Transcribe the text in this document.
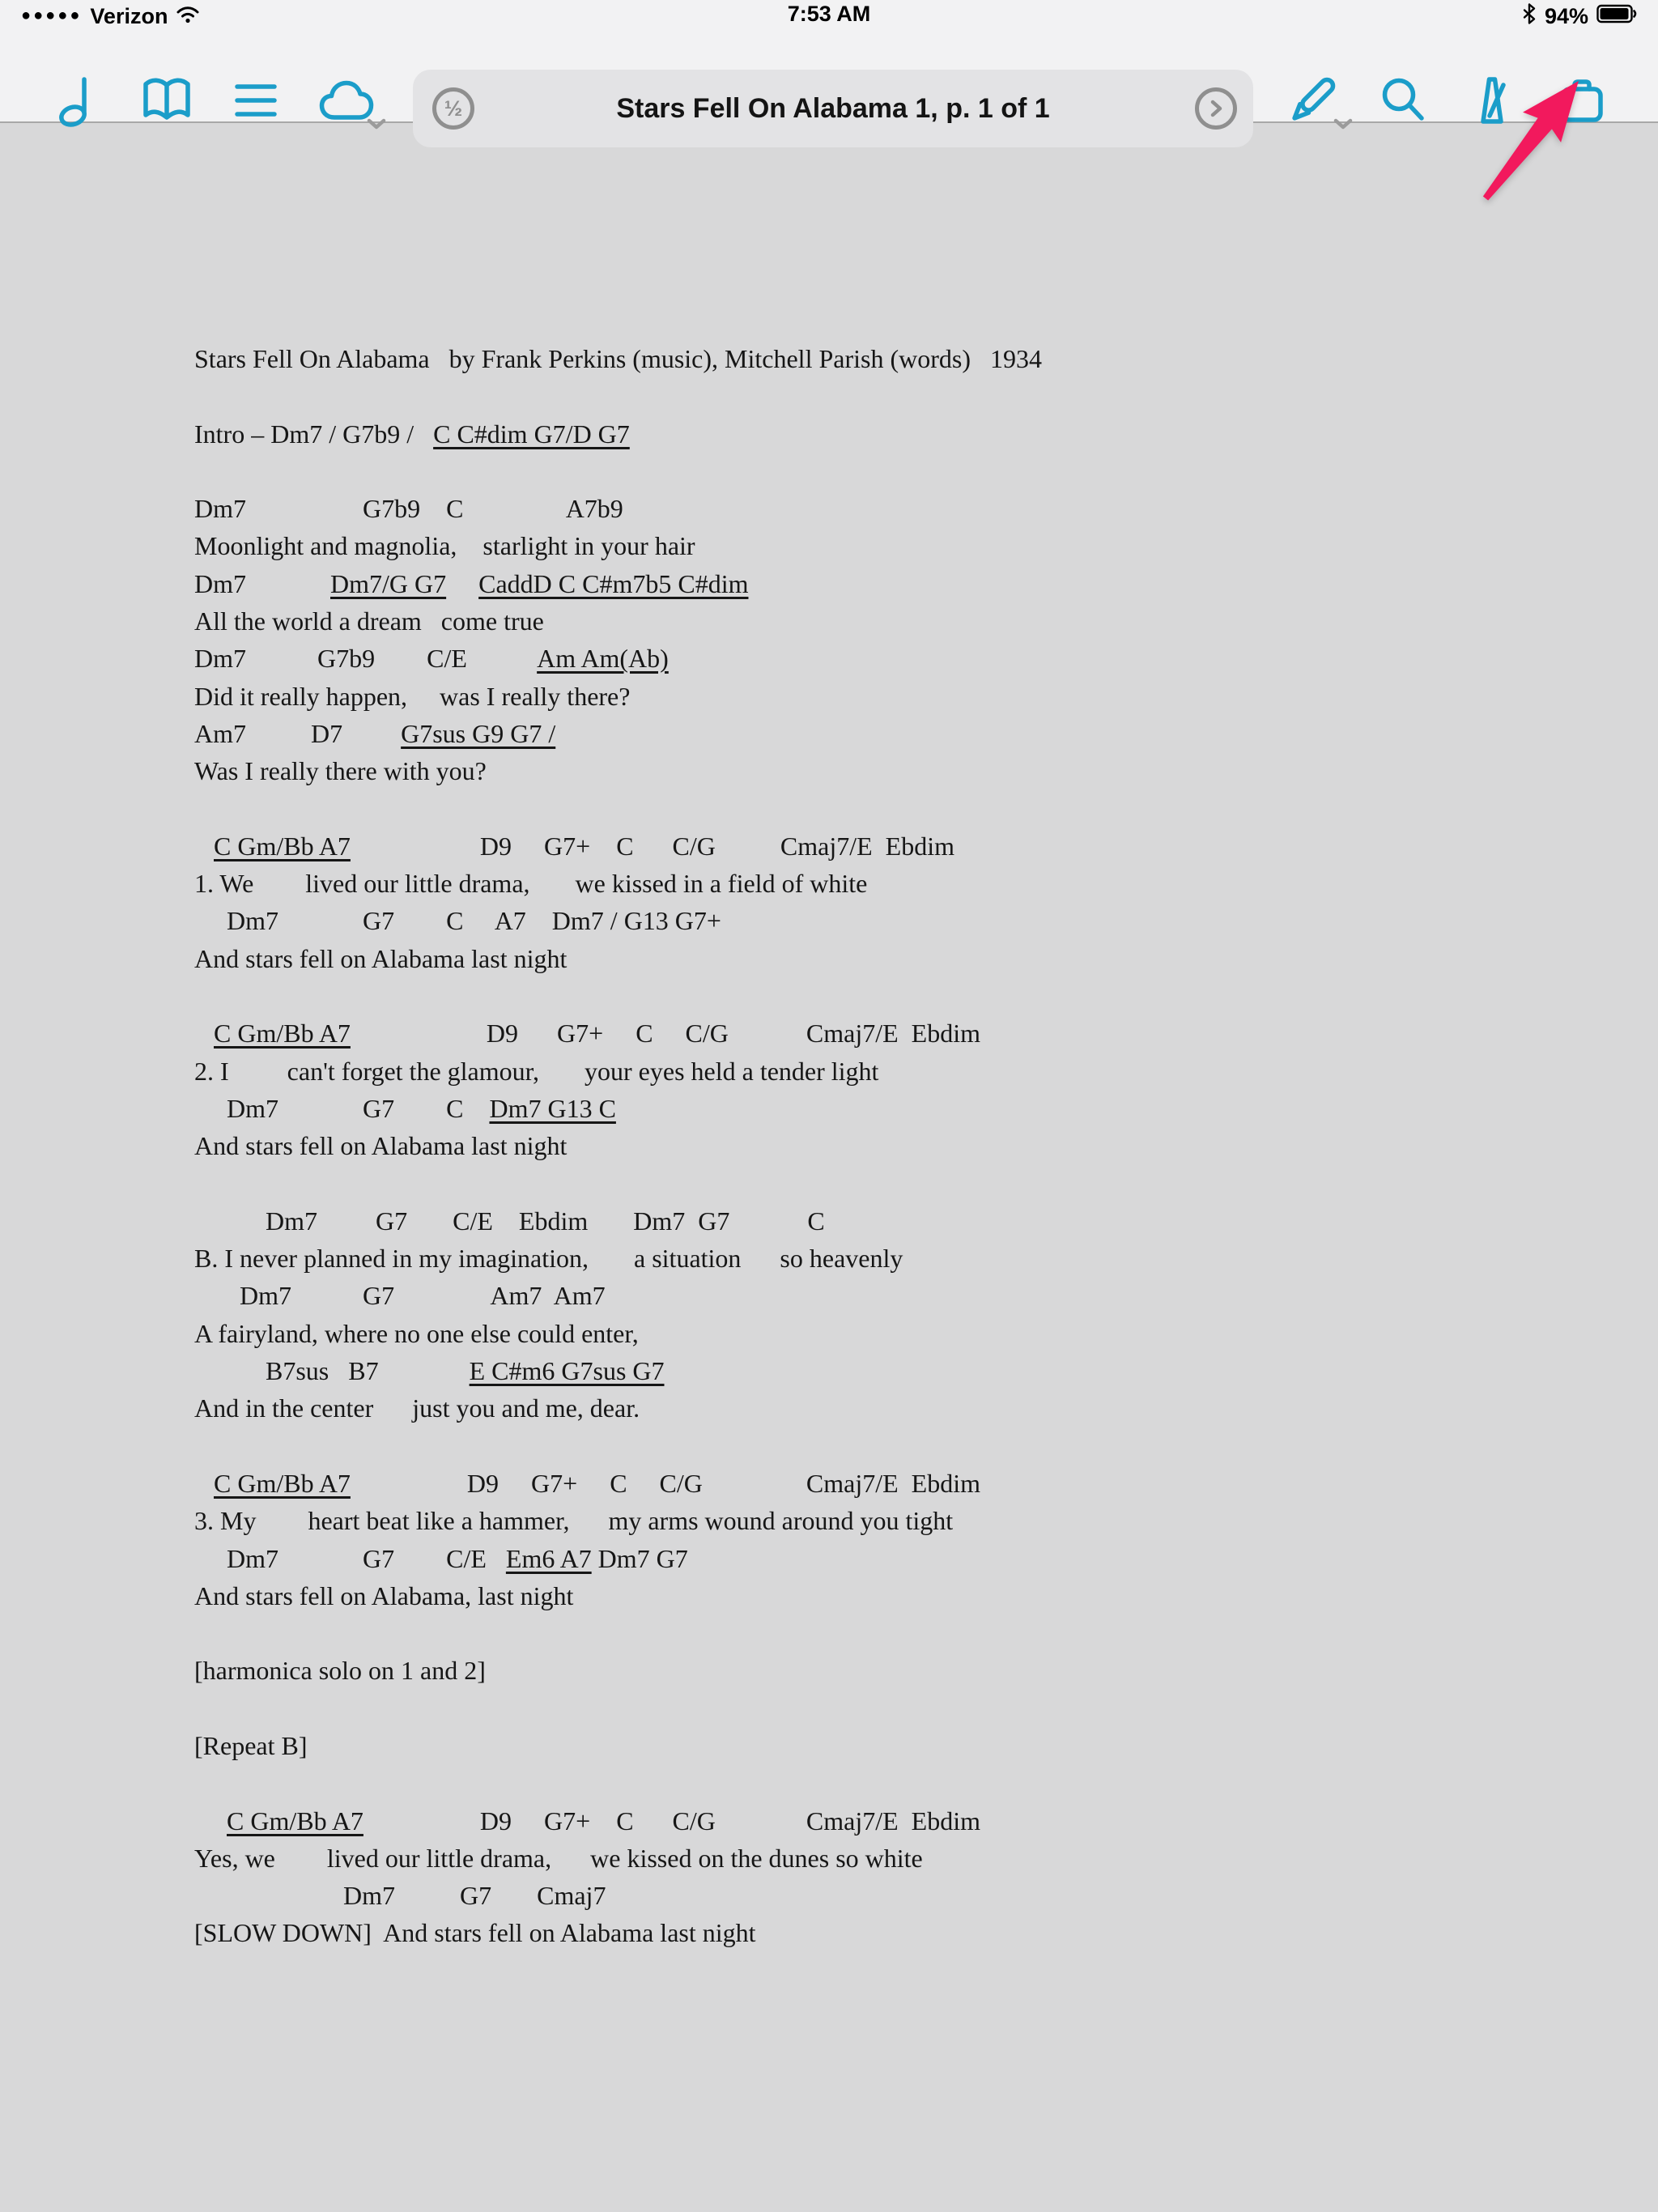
●●●●● Verizon	7:53 AM	94%
½	Stars Fell On Alabama 1, p. 1 of 1
Stars Fell On Alabama   by Frank Perkins (music), Mitchell Parish (words)   1934

Intro – Dm7 / G7b9 /   C C#dim G7/D G7

Dm7                  G7b9    C                A7b9
Moonlight and magnolia,    starlight in your hair
Dm7             Dm7/G G7 CaddD C C#m7b5 C#dim
All the world a dream   come true
Dm7           G7b9        C/E           Am Am(Ab)
Did it really happen,     was I really there?
Am7          D7         G7sus G9 G7 /
Was I really there with you?

C Gm/Bb A7                    D9     G7+    C      C/G          Cmaj7/E  Ebdim
1. We        lived our little drama,       we kissed in a field of white
Dm7             G7        C     A7    Dm7 / G13 G7+
And stars fell on Alabama last night

C Gm/Bb A7                     D9      G7+     C     C/G            Cmaj7/E  Ebdim
2. I         can't forget the glamour,       your eyes held a tender light
Dm7             G7        C    Dm7 G13 C
And stars fell on Alabama last night

Dm7         G7       C/E    Ebdim       Dm7  G7            C
B. I never planned in my imagination,       a situation      so heavenly
Dm7           G7               Am7  Am7
A fairyland, where no one else could enter,
B7sus   B7              E C#m6 G7sus G7
And in the center      just you and me, dear.

C Gm/Bb A7                  D9     G7+     C     C/G                Cmaj7/E  Ebdim
3. My        heart beat like a hammer,      my arms wound around you tight
Dm7             G7        C/E   Em6 A7 Dm7 G7
And stars fell on Alabama, last night

[harmonica solo on 1 and 2]

[Repeat B]

C Gm/Bb A7                  D9     G7+    C      C/G              Cmaj7/E  Ebdim
Yes, we        lived our little drama,      we kissed on the dunes so white
Dm7          G7       Cmaj7
[SLOW DOWN]  And stars fell on Alabama last night
